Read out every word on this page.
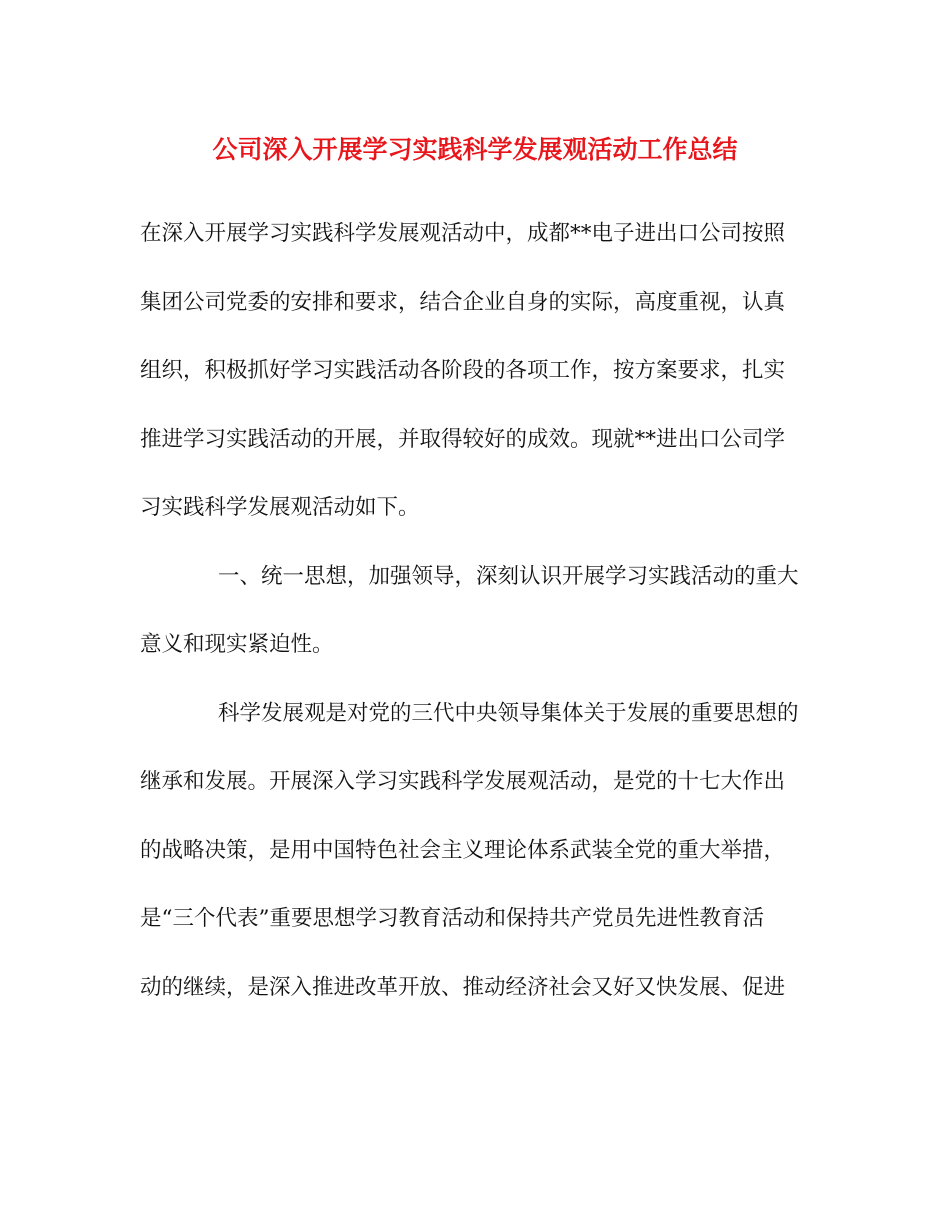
公司深入开展学习实践科学发展观活动工作总结
在深入开展学习实践科学发展观活动中，成都**电子进出口公司按照
集团公司党委的安排和要求，结合企业自身的实际，高度重视，认真
组织，积极抓好学习实践活动各阶段的各项工作，按方案要求，扎实
推进学习实践活动的开展，并取得较好的成效。现就**进出口公司学
习实践科学发展观活动如下。
一、统一思想，加强领导，深刻认识开展学习实践活动的重大
意义和现实紧迫性。
科学发展观是对党的三代中央领导集体关于发展的重要思想的
继承和发展。开展深入学习实践科学发展观活动，是党的十七大作出
的战略决策，是用中国特色社会主义理论体系武装全党的重大举措，
是“三个代表”重要思想学习教育活动和保持共产党员先进性教育活
动的继续，是深入推进改革开放、推动经济社会又好又快发展、促进
